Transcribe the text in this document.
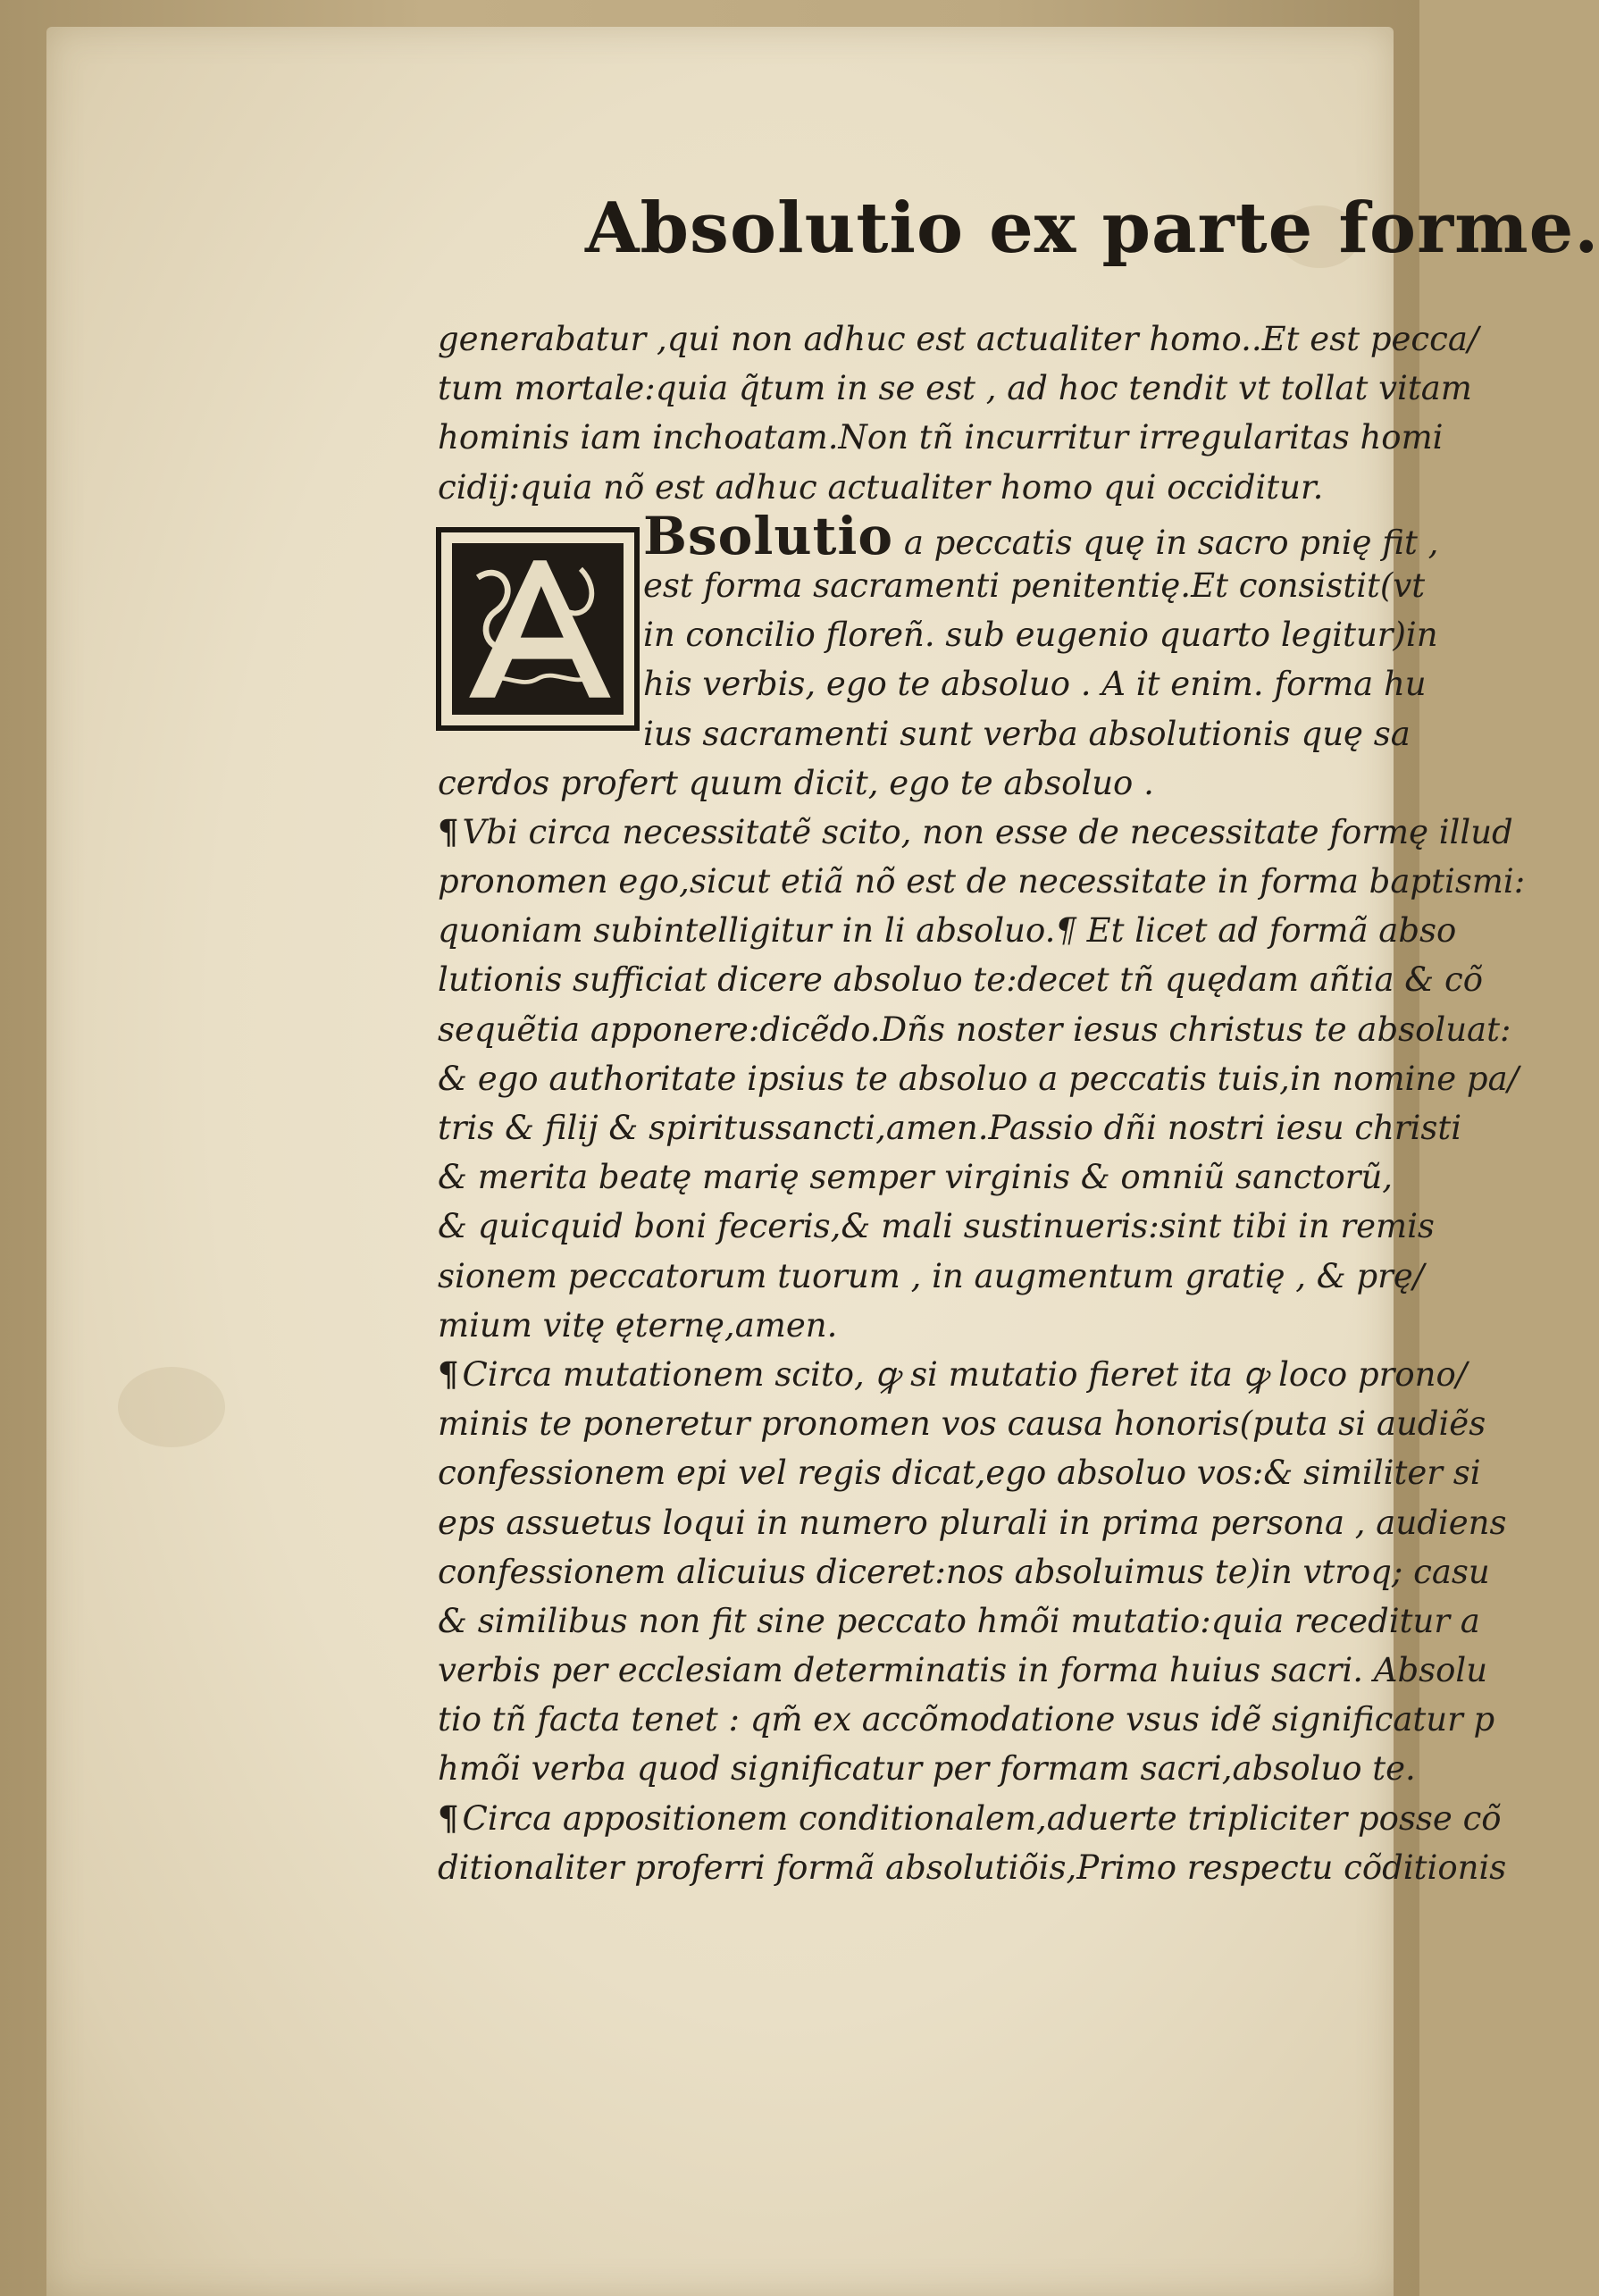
Absolutio ex parte forme.
generabatur ,qui non adhuc est actualiter homo..Et est pecca/
tum mortale:quia q̃tum in se est , ad hoc tendit vt tollat vitam
hominis iam inchoatam.Non tñ incurritur irregularitas homi
cidij:quia nõ est adhuc actualiter homo qui occiditur.
Bsolutio a peccatis quę in sacro pnię fit ,
est forma sacramenti penitentię.Et consistit(vt
in concilio floreñ. sub eugenio quarto legitur)in
his verbis, ego te absoluo . A it enim. forma hu
ius sacramenti sunt verba absolutionis quę sa
cerdos profert quum dicit, ego te absoluo .
¶ Vbi circa necessitatẽ scito, non esse de necessitate formę illud
pronomen ego,sicut etiã nõ est de necessitate in forma baptismi:
quoniam subintelligitur in li absoluo.¶ Et licet ad formã abso
lutionis sufficiat dicere absoluo te:decet tñ quędam añtia & cõ
sequẽtia apponere:dicẽdo.Dñs noster iesus christus te absoluat:
& ego authoritate ipsius te absoluo a peccatis tuis,in nomine pa/
tris & filij & spiritussancti,amen.Passio dñi nostri iesu christi
& merita beatę marię semper virginis & omniũ sanctorũ,
& quicquid boni feceris,& mali sustinueris:sint tibi in remis
sionem peccatorum tuorum , in augmentum gratię , & prę/
mium vitę ęternę,amen.
¶ Circa mutationem scito, ꝙ si mutatio fieret ita ꝙ loco prono/
minis te poneretur pronomen vos causa honoris(puta si audiẽs
confessionem epi vel regis dicat,ego absoluo vos:& similiter si
eps assuetus loqui in numero plurali in prima persona , audiens
confessionem alicuius diceret:nos absoluimus te)in vtroq; casu
& similibus non fit sine peccato hmõi mutatio:quia receditur a
verbis per ecclesiam determinatis in forma huius sacri. Absolu
tio tñ facta tenet : qm̃ ex accõmodatione vsus idẽ significatur p
hmõi verba quod significatur per formam sacri,absoluo te.
¶ Circa appositionem conditionalem,aduerte tripliciter posse cõ
ditionaliter proferri formã absolutiõis,Primo respectu cõditionis
